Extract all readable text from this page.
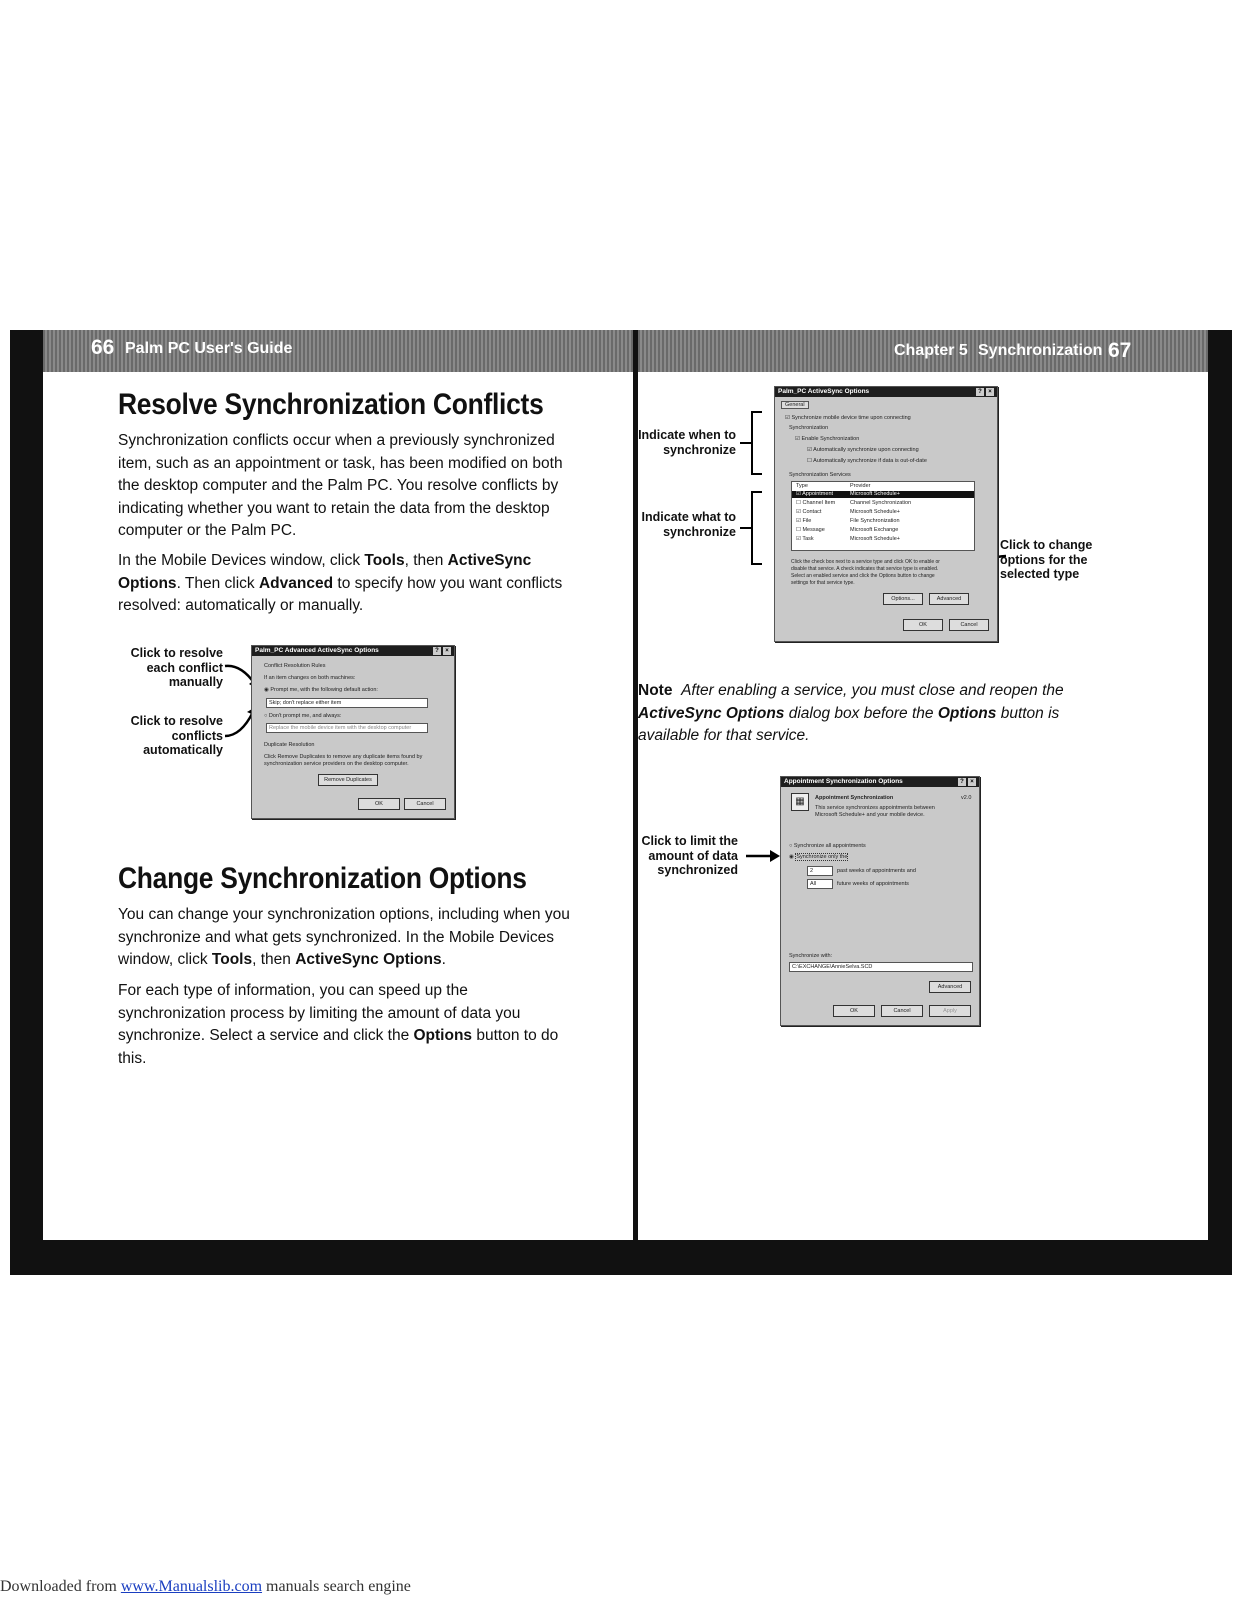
66 Palm PC User's Guide
Resolve Synchronization Conflicts
Synchronization conflicts occur when a previously synchronized item, such as an appointment or task, has been modified on both the desktop computer and the Palm PC. You resolve conflicts by indicating whether you want to retain the data from the desktop computer or the Palm PC.
In the Mobile Devices window, click Tools, then ActiveSync Options. Then click Advanced to specify how you want conflicts resolved: automatically or manually.
Click to resolve each conflict manually
Click to resolve conflicts automatically
Palm_PC Advanced ActiveSync Options	?	×
Conflict Resolution Rules
If an item changes on both machines:
◉ Prompt me, with the following default action:
Skip; don't replace either item
○ Don't prompt me, and always:
Replace the mobile device item with the desktop computer
Duplicate Resolution
Click Remove Duplicates to remove any duplicate items found by
synchronization service providers on the desktop computer.
Remove Duplicates
OK	Cancel
Change Synchronization Options
You can change your synchronization options, including when you synchronize and what gets synchronized. In the Mobile Devices window, click Tools, then ActiveSync Options.
For each type of information, you can speed up the synchronization process by limiting the amount of data you synchronize. Select a service and click the Options button to do this.
Chapter 5 Synchronization 67
Indicate when to synchronize
Indicate what to synchronize
Click to change options for the selected type
Palm_PC ActiveSync Options	?	×
General
☑ Synchronize mobile device time upon connecting
Synchronization
☑ Enable Synchronization
☑ Automatically synchronize upon connecting
☐ Automatically synchronize if data is out-of-date
Synchronization Services
Type	Provider
☑ Appointment	Microsoft Schedule+
☐ Channel Item	Channel Synchronization
☑ Contact	Microsoft Schedule+
☑ File	File Synchronization
☐ Message	Microsoft Exchange
☑ Task	Microsoft Schedule+
Click the check box next to a service type and click OK to enable or
disable that service. A check indicates that service type is enabled.
Select an enabled service and click the Options button to change
settings for that service type.
Options...	Advanced
OK	Cancel
Note After enabling a service, you must close and reopen the ActiveSync Options dialog box before the Options button is available for that service.
Click to limit the amount of data synchronized
Appointment Synchronization Options	?	×
▦	Appointment Synchronization	v2.0
This service synchronizes appointments between
Microsoft Schedule+ and your mobile device.
○ Synchronize all appointments
◉ Synchronize only the
2	past weeks of appointments and
All	future weeks of appointments
Synchronize with:
C:\EXCHANGE\AnnieSelva.SCD
Advanced
OK	Cancel	Apply
Downloaded from www.Manualslib.com manuals search engine
